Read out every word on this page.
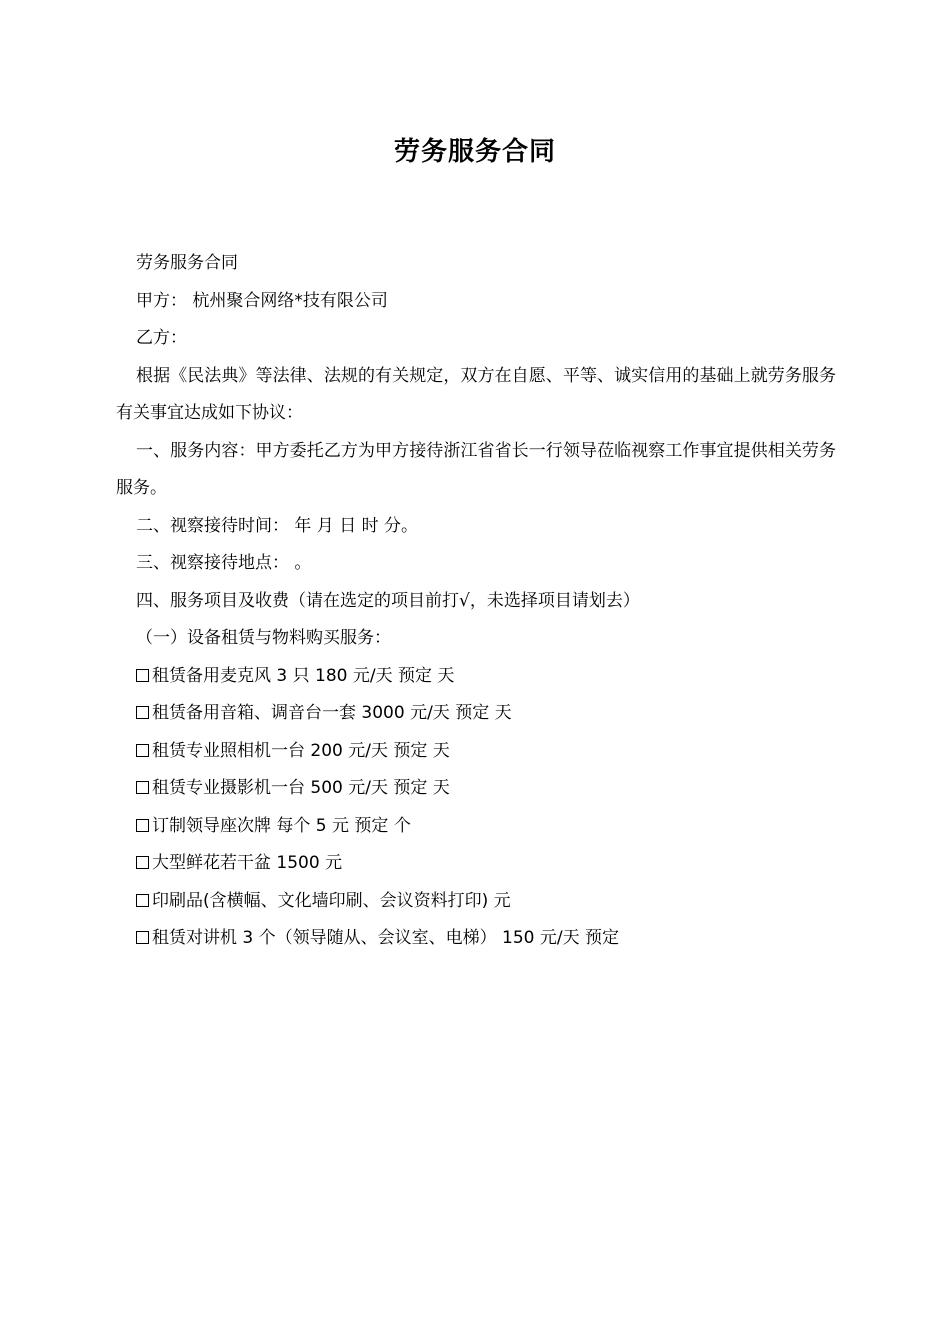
劳务服务合同

劳务服务合同

甲方： 杭州聚合网络*技有限公司

乙方：

根据《民法典》等法律、法规的有关规定，双方在自愿、平等、诚实信用的基础上就劳务服务有关事宜达成如下协议：

一、服务内容：甲方委托乙方为甲方接待浙江省省长一行领导莅临视察工作事宜提供相关劳务服务。

二、视察接待时间： 年 月 日 时 分。

三、视察接待地点： 。

四、服务项目及收费（请在选定的项目前打√，未选择项目请划去）

（一）设备租赁与物料购买服务：

租赁备用麦克风 3 只 180 元/天 预定 天

租赁备用音箱、调音台一套 3000 元/天 预定 天

租赁专业照相机一台 200 元/天 预定 天

租赁专业摄影机一台 500 元/天 预定 天

订制领导座次牌 每个 5 元 预定 个

大型鲜花若干盆 1500 元

印刷品(含横幅、文化墙印刷、会议资料打印) 元

租赁对讲机 3 个（领导随从、会议室、电梯） 150 元/天 预定
